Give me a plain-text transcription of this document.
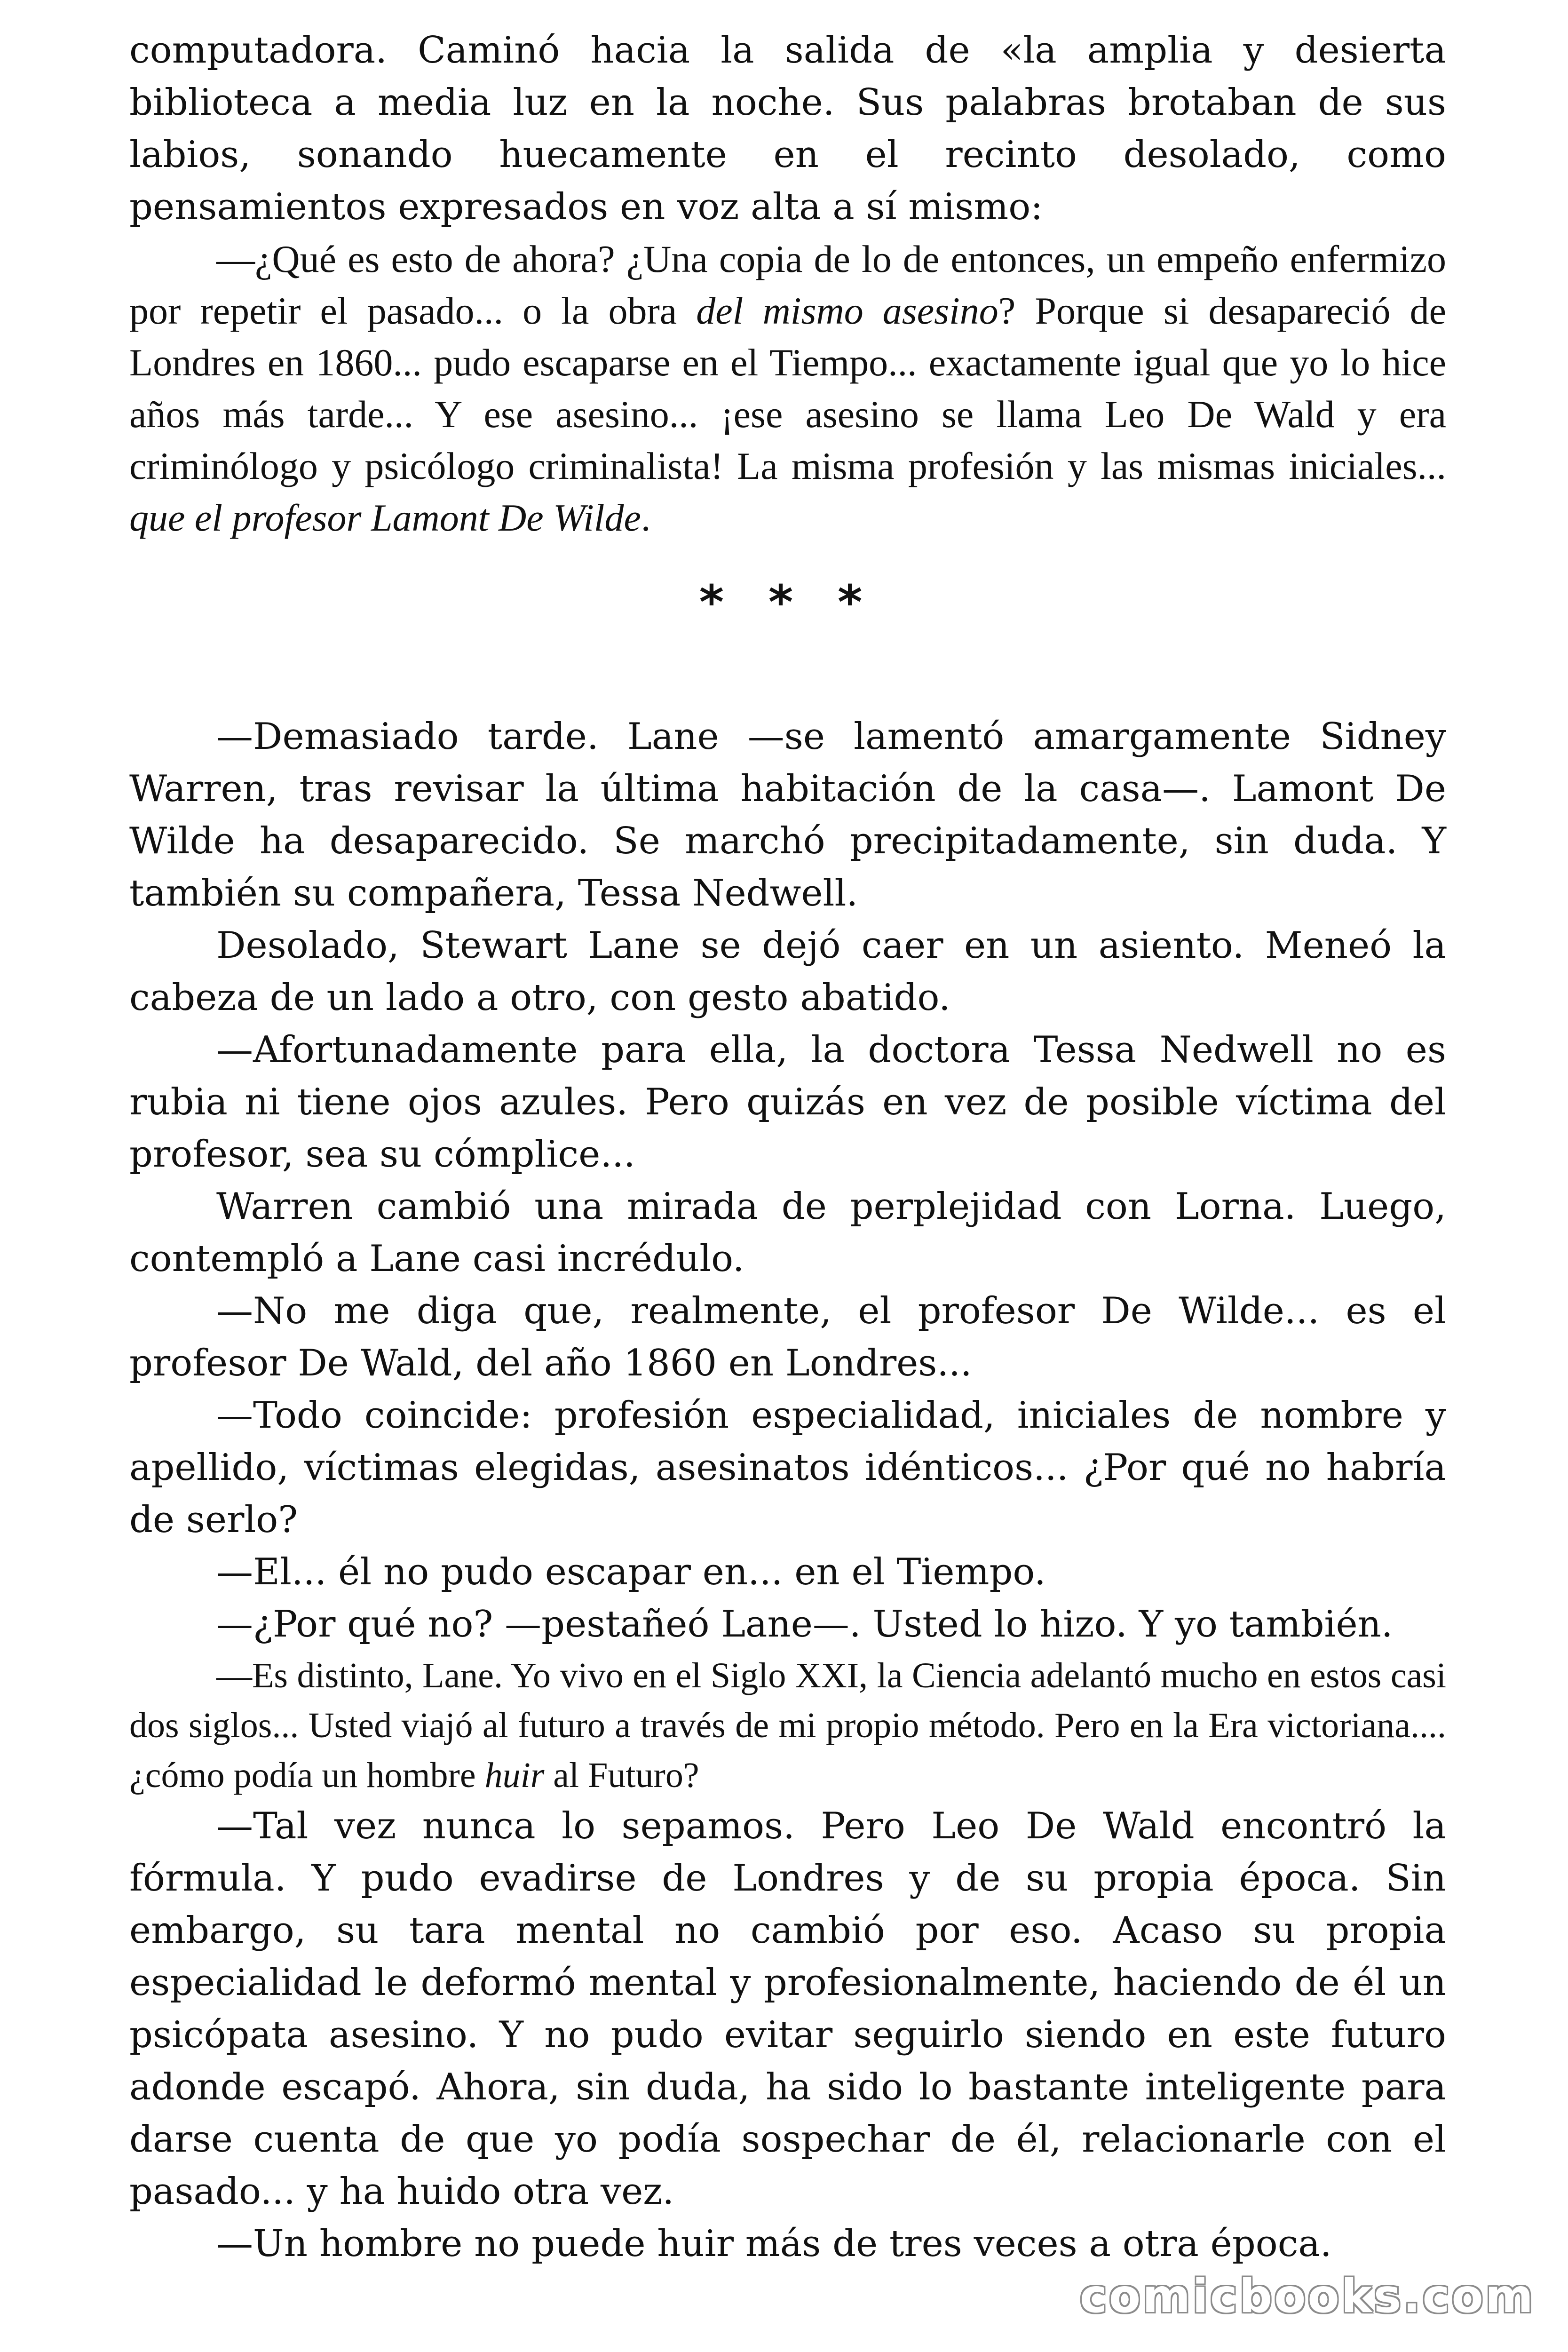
computadora. Caminó hacia la salida de «la amplia y desierta biblioteca a media luz en la noche. Sus palabras brotaban de sus labios, sonando huecamente en el recinto desolado, como pensamientos expresados en voz alta a sí mismo:

—¿Qué es esto de ahora? ¿Una copia de lo de entonces, un empeño enfermizo por repetir el pasado... o la obra del mismo asesino? Porque si desapareció de Londres en 1860... pudo escaparse en el Tiempo... exactamente igual que yo lo hice años más tarde... Y ese asesino... ¡ese asesino se llama Leo De Wald y era criminólogo y psicólogo criminalista! La misma profesión y las mismas iniciales... que el profesor Lamont De Wilde.

* * *

—Demasiado tarde. Lane —se lamentó amargamente Sidney Warren, tras revisar la última habitación de la casa—. Lamont De Wilde ha desaparecido. Se marchó precipitadamente, sin duda. Y también su compañera, Tessa Nedwell.

Desolado, Stewart Lane se dejó caer en un asiento. Meneó la cabeza de un lado a otro, con gesto abatido.

—Afortunadamente para ella, la doctora Tessa Nedwell no es rubia ni tiene ojos azules. Pero quizás en vez de posible víctima del profesor, sea su cómplice...

Warren cambió una mirada de perplejidad con Lorna. Luego, contempló a Lane casi incrédulo.

—No me diga que, realmente, el profesor De Wilde... es el profesor De Wald, del año 1860 en Londres...

—Todo coincide: profesión especialidad, iniciales de nombre y apellido, víctimas elegidas, asesinatos idénticos... ¿Por qué no habría de serlo?

—El... él no pudo escapar en... en el Tiempo.

—¿Por qué no? —pestañeó Lane—. Usted lo hizo. Y yo también.

—Es distinto, Lane. Yo vivo en el Siglo XXI, la Ciencia adelantó mucho en estos casi dos siglos... Usted viajó al futuro a través de mi propio método. Pero en la Era victoriana.... ¿cómo podía un hombre huir al Futuro?

—Tal vez nunca lo sepamos. Pero Leo De Wald encontró la fórmula. Y pudo evadirse de Londres y de su propia época. Sin embargo, su tara mental no cambió por eso. Acaso su propia especialidad le deformó mental y profesionalmente, haciendo de él un psicópata asesino. Y no pudo evitar seguirlo siendo en este futuro adonde escapó. Ahora, sin duda, ha sido lo bastante inteligente para darse cuenta de que yo podía sospechar de él, relacionarle con el pasado... y ha huido otra vez.

—Un hombre no puede huir más de tres veces a otra época.

comicbooks.com
